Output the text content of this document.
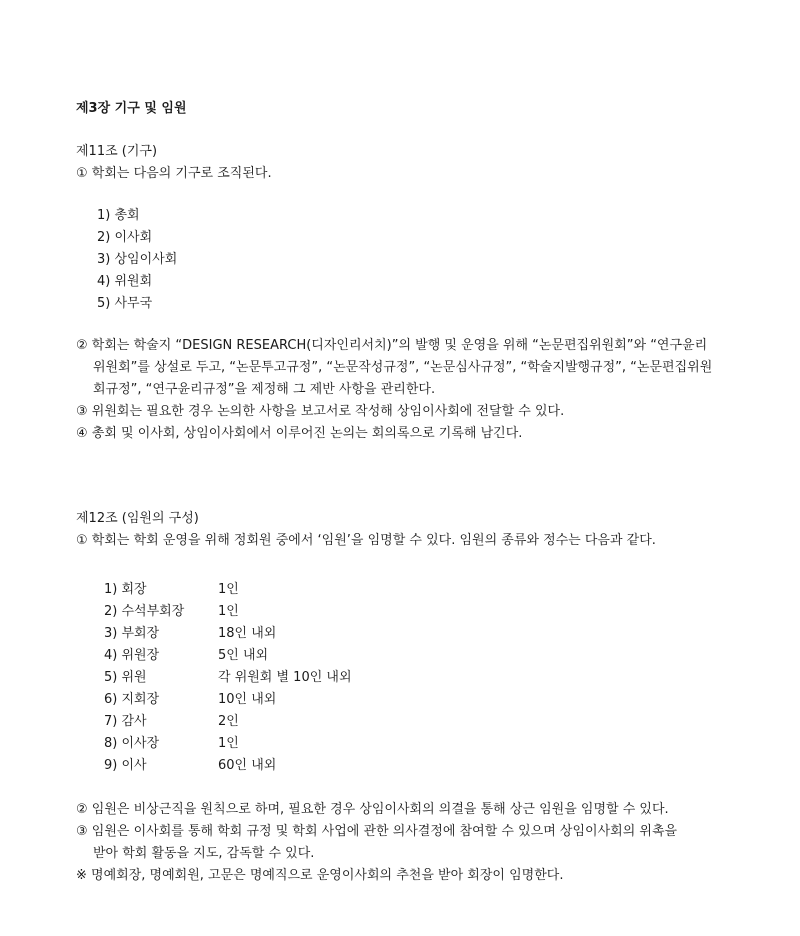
제3장 기구 및 임원
제11조 (기구)
① 학회는 다음의 기구로 조직된다.
1) 총회
2) 이사회
3) 상임이사회
4) 위원회
5) 사무국
② 학회는 학술지 “DESIGN RESEARCH(디자인리서치)”의 발행 및 운영을 위해 “논문편집위원회”와 “연구윤리
위원회”를 상설로 두고, “논문투고규정”, “논문작성규정”, “논문심사규정”, “학술지발행규정”, “논문편집위원
회규정”, “연구윤리규정”을 제정해 그 제반 사항을 관리한다.
③ 위원회는 필요한 경우 논의한 사항을 보고서로 작성해 상임이사회에 전달할 수 있다.
④ 총회 및 이사회, 상임이사회에서 이루어진 논의는 회의록으로 기록해 남긴다.
제12조 (임원의 구성)
① 학회는 학회 운영을 위해 정회원 중에서 ‘임원’을 임명할 수 있다. 임원의 종류와 정수는 다음과 같다.
1) 회장	1인
2) 수석부회장	1인
3) 부회장	18인 내외
4) 위원장	5인 내외
5) 위원	각 위원회 별 10인 내외
6) 지회장	10인 내외
7) 감사	2인
8) 이사장	1인
9) 이사	60인 내외
② 임원은 비상근직을 원칙으로 하며, 필요한 경우 상임이사회의 의결을 통해 상근 임원을 임명할 수 있다.
③ 임원은 이사회를 통해 학회 규정 및 학회 사업에 관한 의사결정에 참여할 수 있으며 상임이사회의 위촉을
받아 학회 활동을 지도, 감독할 수 있다.
※ 명예회장, 명예회원, 고문은 명예직으로 운영이사회의 추천을 받아 회장이 임명한다.
